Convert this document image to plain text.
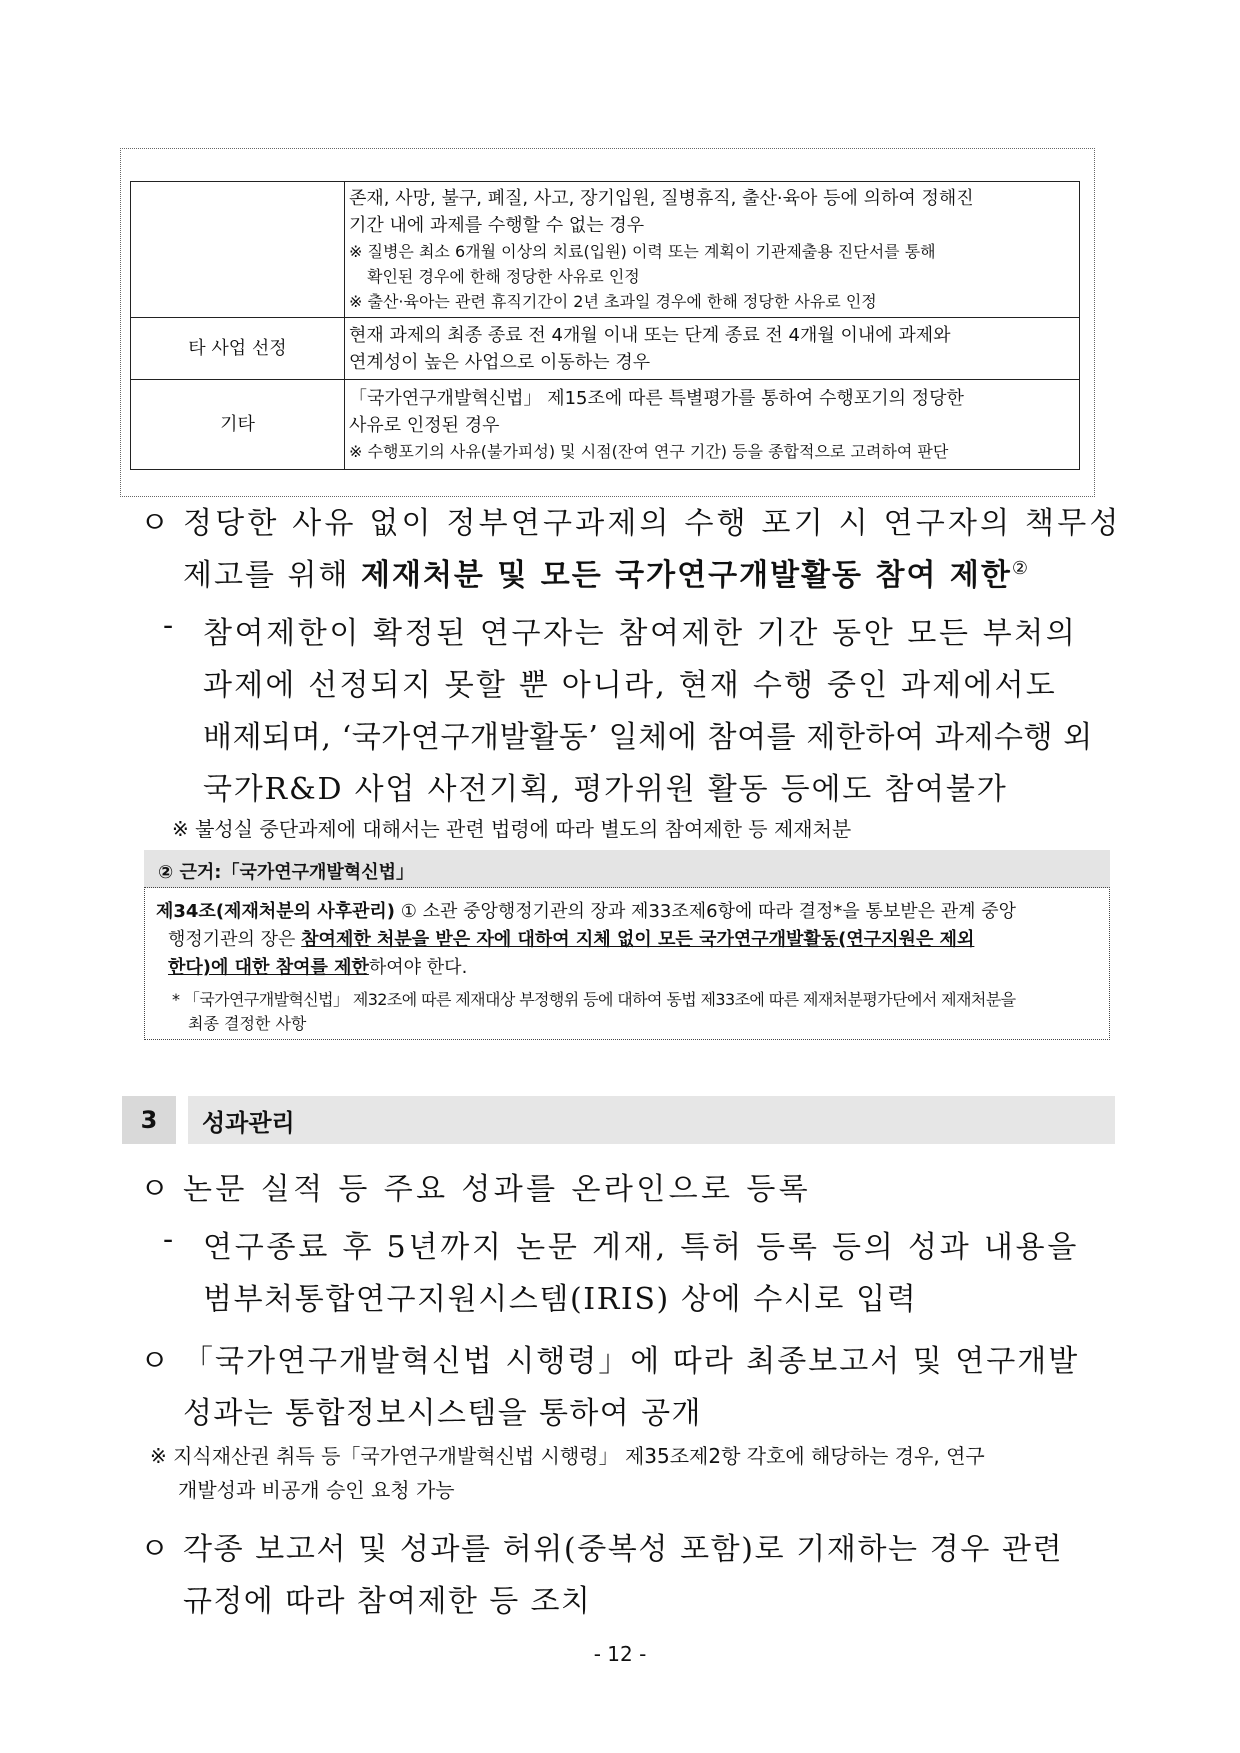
	존재, 사망, 불구, 폐질, 사고, 장기입원, 질병휴직, 출산·육아 등에 의하여 정해진
기간 내에 과제를 수행할 수 없는 경우
※ 질병은 최소 6개월 이상의 치료(입원) 이력 또는 계획이 기관제출용 진단서를 통해
확인된 경우에 한해 정당한 사유로 인정
※ 출산·육아는 관련 휴직기간이 2년 초과일 경우에 한해 정당한 사유로 인정

타 사업 선정	현재 과제의 최종 종료 전 4개월 이내 또는 단계 종료 전 4개월 이내에 과제와
연계성이 높은 사업으로 이동하는 경우

기타	「국가연구개발혁신법」 제15조에 따른 특별평가를 통하여 수행포기의 정당한
사유로 인정된 경우
※ 수행포기의 사유(불가피성) 및 시점(잔여 연구 기간) 등을 종합적으로 고려하여 판단
ㅇ 정당한 사유 없이 정부연구과제의 수행 포기 시 연구자의 책무성
제고를 위해 제재처분 및 모든 국가연구개발활동 참여 제한②
- 참여제한이 확정된 연구자는 참여제한 기간 동안 모든 부처의
과제에 선정되지 못할 뿐 아니라, 현재 수행 중인 과제에서도
배제되며, ‘국가연구개발활동’ 일체에 참여를 제한하여 과제수행 외
국가R&D 사업 사전기획, 평가위원 활동 등에도 참여불가
※ 불성실 중단과제에 대해서는 관련 법령에 따라 별도의 참여제한 등 제재처분
② 근거:「국가연구개발혁신법」
제34조(제재처분의 사후관리) ① 소관 중앙행정기관의 장과 제33조제6항에 따라 결정*을 통보받은 관계 중앙
행정기관의 장은 참여제한 처분을 받은 자에 대하여 지체 없이 모든 국가연구개발활동(연구지원은 제외
한다)에 대한 참여를 제한하여야 한다.
* 「국가연구개발혁신법」 제32조에 따른 제재대상 부정행위 등에 대하여 동법 제33조에 따른 제재처분평가단에서 제재처분을
최종 결정한 사항
3	성과관리
ㅇ 논문 실적 등 주요 성과를 온라인으로 등록
- 연구종료 후 5년까지 논문 게재, 특허 등록 등의 성과 내용을
범부처통합연구지원시스템(IRIS) 상에 수시로 입력
ㅇ 「국가연구개발혁신법 시행령」에 따라 최종보고서 및 연구개발
성과는 통합정보시스템을 통하여 공개
※ 지식재산권 취득 등「국가연구개발혁신법 시행령」 제35조제2항 각호에 해당하는 경우, 연구
개발성과 비공개 승인 요청 가능
ㅇ 각종 보고서 및 성과를 허위(중복성 포함)로 기재하는 경우 관련
규정에 따라 참여제한 등 조치
- 12 -
